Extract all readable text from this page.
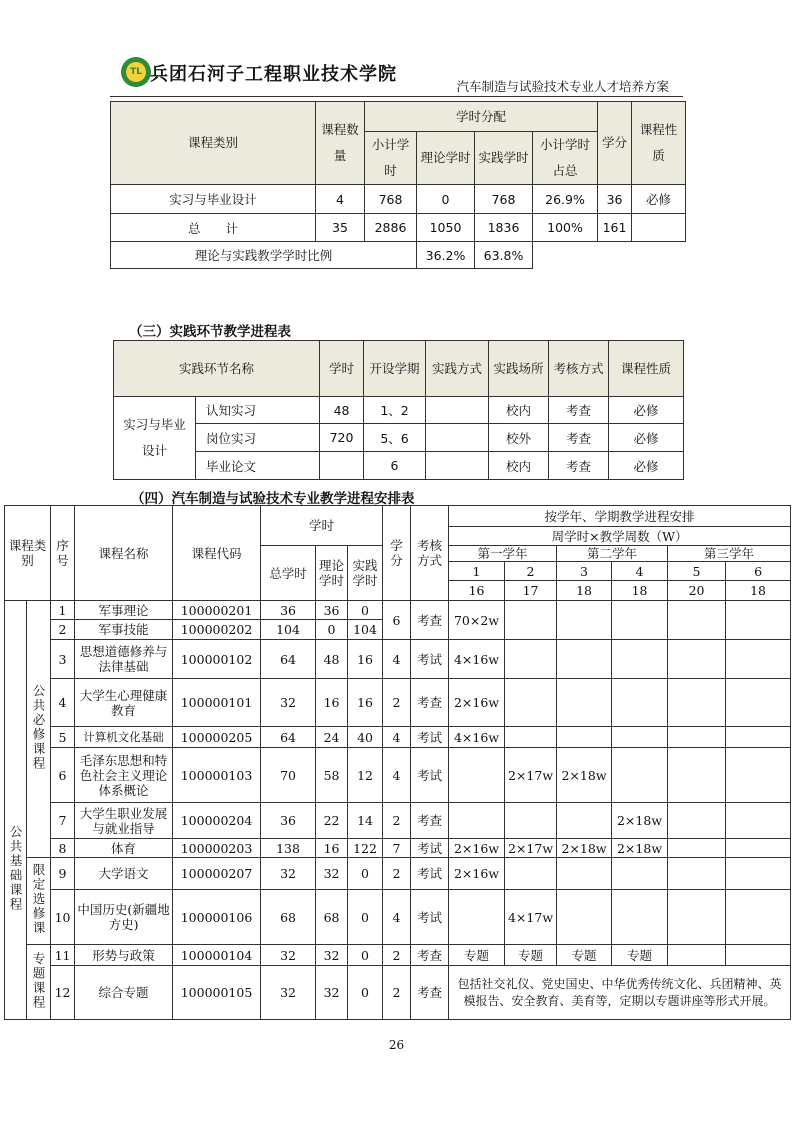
TL 兵团石河子工程职业技术学院
汽车制造与试验技术专业人才培养方案
课程类别	课程数量	学时分配				学分	课程性质
		小计学时	理论学时	实践学时	小计学时占总		
实习与毕业设计	4	768	0	768	26.9%	36	必修
总　　计	35	2886	1050	1836	100%	161	
理论与实践教学学时比例			36.2%	63.8%			
（三）实践环节教学进程表
实践环节名称		学时	开设学期	实践方式	实践场所	考核方式	课程性质
实习与毕业设计	认知实习	48	1、2		校内	考查	必修
	岗位实习	720	5、6		校外	考查	必修
	毕业论文		6		校内	考查	必修
（四）汽车制造与试验技术专业教学进程安排表
课程类别		序号	课程名称	课程代码	学时			学分	考核方式	按学年、学期教学进程安排					
										周学时×教学周数（W）					
					总学时	理论学时	实践学时			第一学年		第二学年		第三学年	
										1	2	3	4	5	6
										16	17	18	18	20	18
公共基础课程	公共必修课程	1	军事理论	100000201	36	36	0	6	考查	70×2w					
		2	军事技能	100000202	104	0	104								
		3	思想道德修养与法律基础	100000102	64	48	16	4	考试	4×16w					
		4	大学生心理健康教育	100000101	32	16	16	2	考查	2×16w					
		5	计算机文化基础	100000205	64	24	40	4	考试	4×16w					
		6	毛泽东思想和特色社会主义理论体系概论	100000103	70	58	12	4	考试		2×17w	2×18w			
		7	大学生职业发展与就业指导	100000204	36	22	14	2	考查				2×18w		
		8	体育	100000203	138	16	122	7	考试	2×16w	2×17w	2×18w	2×18w		
	限定选修课	9	大学语文	100000207	32	32	0	2	考试	2×16w					
		10	中国历史(新疆地方史)	100000106	68	68	0	4	考试		4×17w				
	专题课程	11	形势与政策	100000104	32	32	0	2	考查	专题	专题	专题	专题		
		12	综合专题	100000105	32	32	0	2	考查	包括社交礼仪、党史国史、中华优秀传统文化、兵团精神、英模报告、安全教育、美育等，定期以专题讲座等形式开展。					
26
